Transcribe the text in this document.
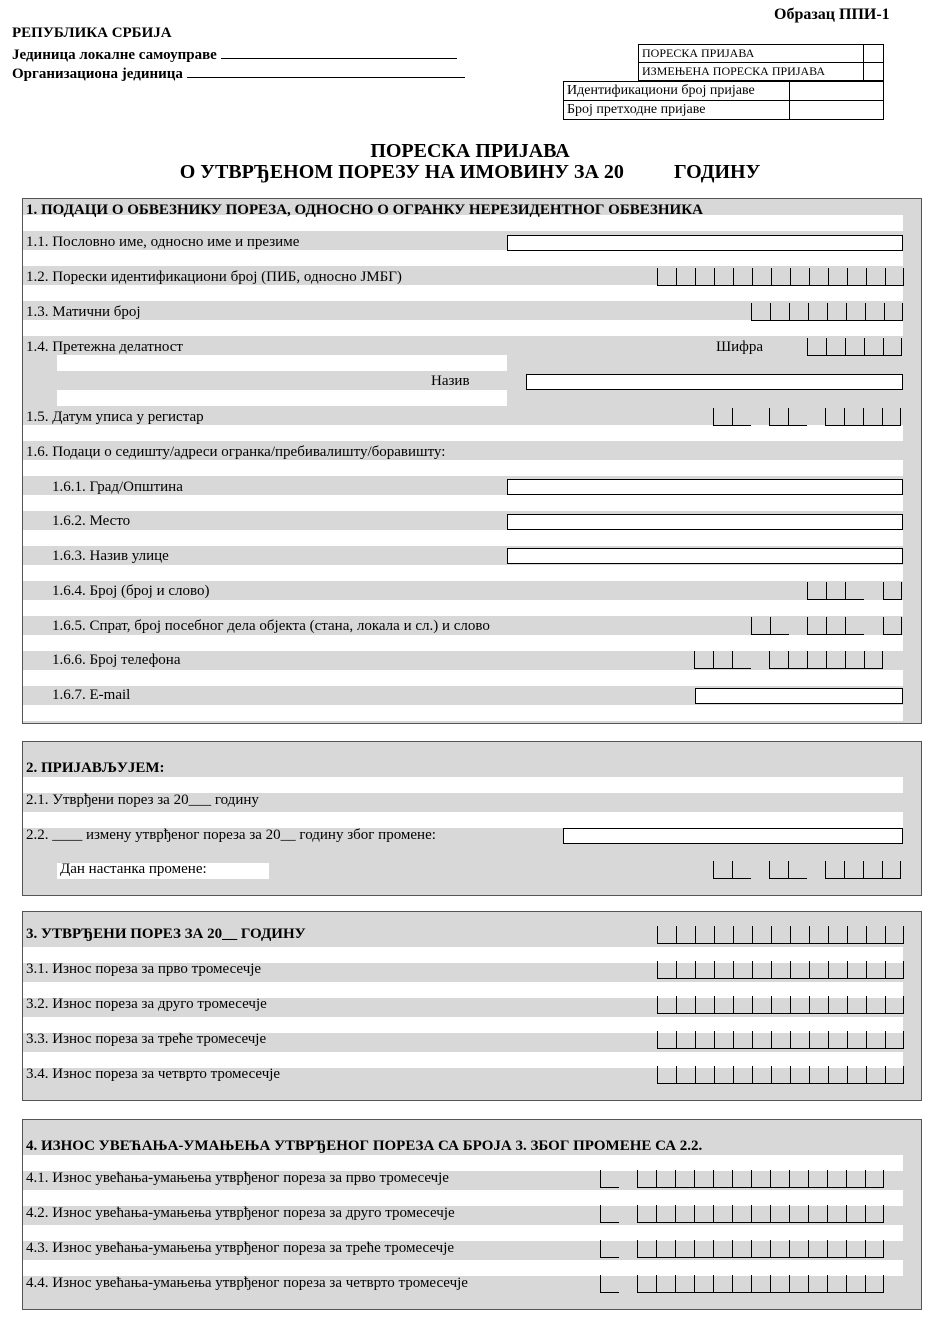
РЕПУБЛИКА СРБИЈА
Јединица локалне самоуправе
Организациона јединица
Образац ППИ-1
ПОРЕСКА ПРИЈАВА
ИЗМЕЊЕНА ПОРЕСКА ПРИЈАВА
Идентификациони број пријаве
Број претходне пријаве
ПОРЕСКА ПРИЈАВА
О УТВРЂЕНОМ ПОРЕЗУ НА ИМОВИНУ ЗА 20	ГОДИНУ
1. ПОДАЦИ О ОБВЕЗНИКУ ПОРЕЗА, ОДНОСНО О ОГРАНКУ НЕРЕЗИДЕНТНОГ ОБВЕЗНИКА
1.1. Пословно име, односно име и презиме
1.2. Порески идентификациони број (ПИБ, односно ЈМБГ)
1.3. Матични број
1.4. Претежна делатност	Шифра
Назив
1.5. Датум уписа у регистар
1.6. Подаци о седишту/адреси огранка/пребивалишту/боравишту:
1.6.1. Град/Општина
1.6.2. Место
1.6.3. Назив улице
1.6.4. Број (број и слово)
1.6.5. Спрат, број посебног дела објекта (стана, локала и сл.) и слово
1.6.6. Број телефона
1.6.7. E-mail
2. ПРИЈАВЉУЈЕМ:
2.1. Утврђени порез за 20___ годину
2.2. ____ измену утврђеног пореза за 20__ годину због промене:
Дан настанка промене:
3. УТВРЂЕНИ ПОРЕЗ ЗА 20__ ГОДИНУ
3.1. Износ пореза за прво тромесечје
3.2. Износ пореза за друго тромесечје
3.3. Износ пореза за треће тромесечје
3.4. Износ пореза за четврто тромесечје
4. ИЗНОС УВЕЋАЊА-УМАЊЕЊА УТВРЂЕНОГ ПОРЕЗА СА БРОЈА 3. ЗБОГ ПРОМЕНЕ СА 2.2.
4.1. Износ увећања-умањења утврђеног пореза за прво тромесечје
4.2. Износ увећања-умањења утврђеног пореза за друго тромесечје
4.3. Износ увећања-умањења утврђеног пореза за треће тромесечје
4.4. Износ увећања-умањења утврђеног пореза за четврто тромесечје
